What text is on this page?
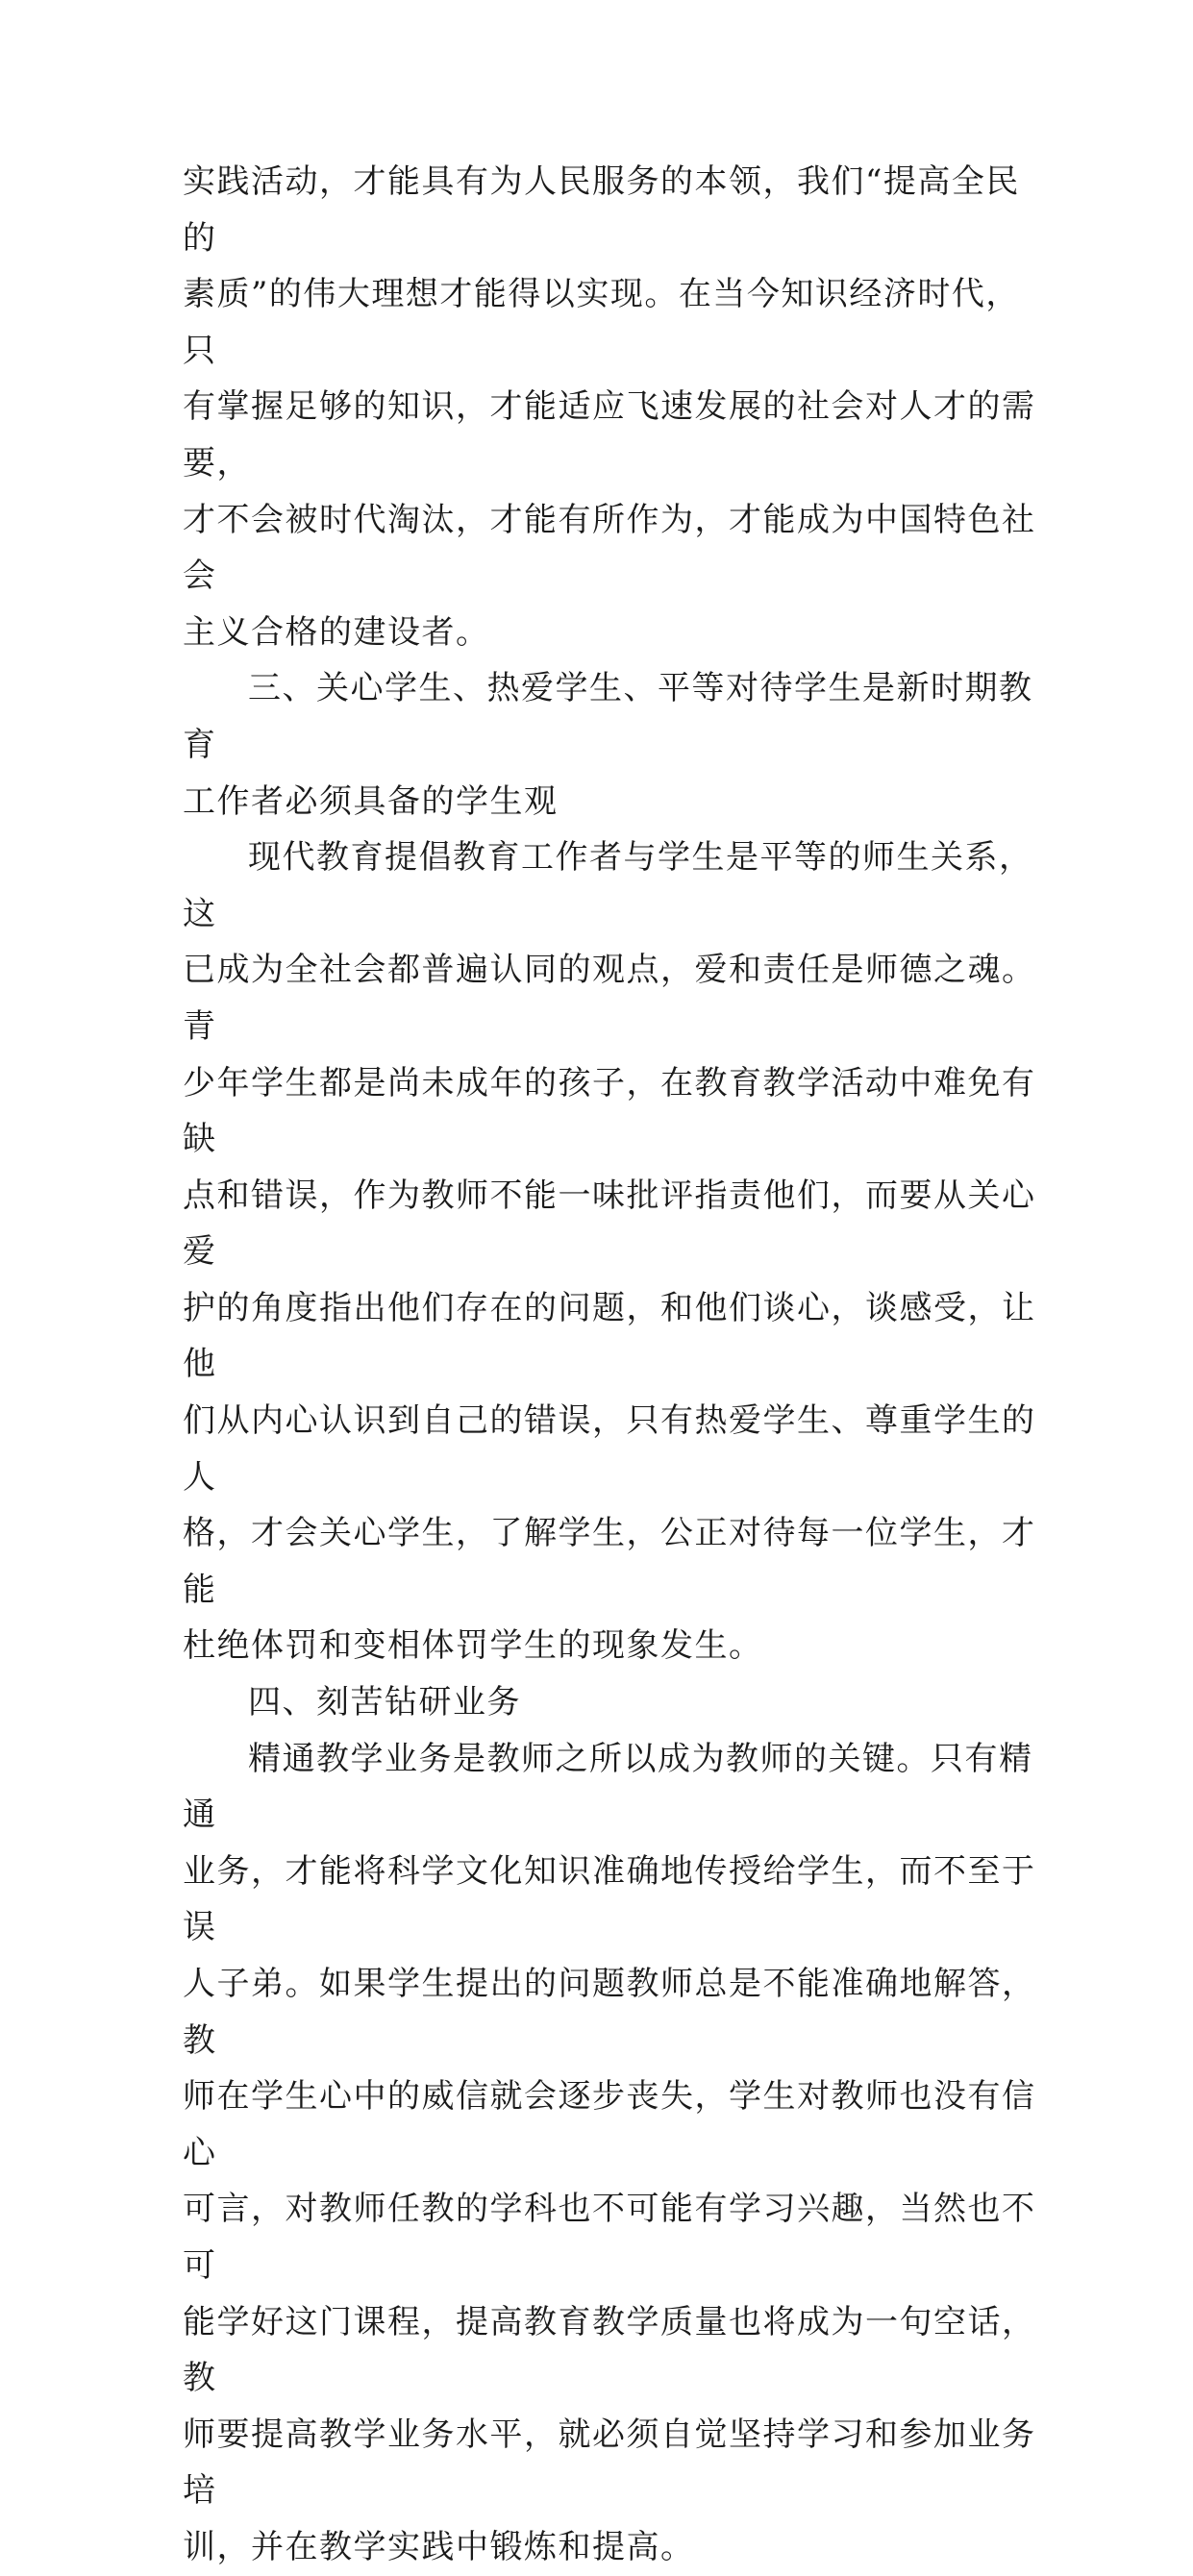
实践活动，才能具有为人民服务的本领，我们“提高全民的
素质”的伟大理想才能得以实现。在当今知识经济时代，只
有掌握足够的知识，才能适应飞速发展的社会对人才的需要，
才不会被时代淘汰，才能有所作为，才能成为中国特色社会
主义合格的建设者。

三、关心学生、热爱学生、平等对待学生是新时期教育
工作者必须具备的学生观

现代教育提倡教育工作者与学生是平等的师生关系，这
已成为全社会都普遍认同的观点，爱和责任是师德之魂。青
少年学生都是尚未成年的孩子，在教育教学活动中难免有缺
点和错误，作为教师不能一味批评指责他们，而要从关心爱
护的角度指出他们存在的问题，和他们谈心，谈感受，让他
们从内心认识到自己的错误，只有热爱学生、尊重学生的人
格，才会关心学生，了解学生，公正对待每一位学生，才能
杜绝体罚和变相体罚学生的现象发生。

四、刻苦钻研业务

精通教学业务是教师之所以成为教师的关键。只有精通
业务，才能将科学文化知识准确地传授给学生，而不至于误
人子弟。如果学生提出的问题教师总是不能准确地解答，教
师在学生心中的威信就会逐步丧失，学生对教师也没有信心
可言，对教师任教的学科也不可能有学习兴趣，当然也不可
能学好这门课程，提高教育教学质量也将成为一句空话，教
师要提高教学业务水平，就必须自觉坚持学习和参加业务培
训，并在教学实践中锻炼和提高。
